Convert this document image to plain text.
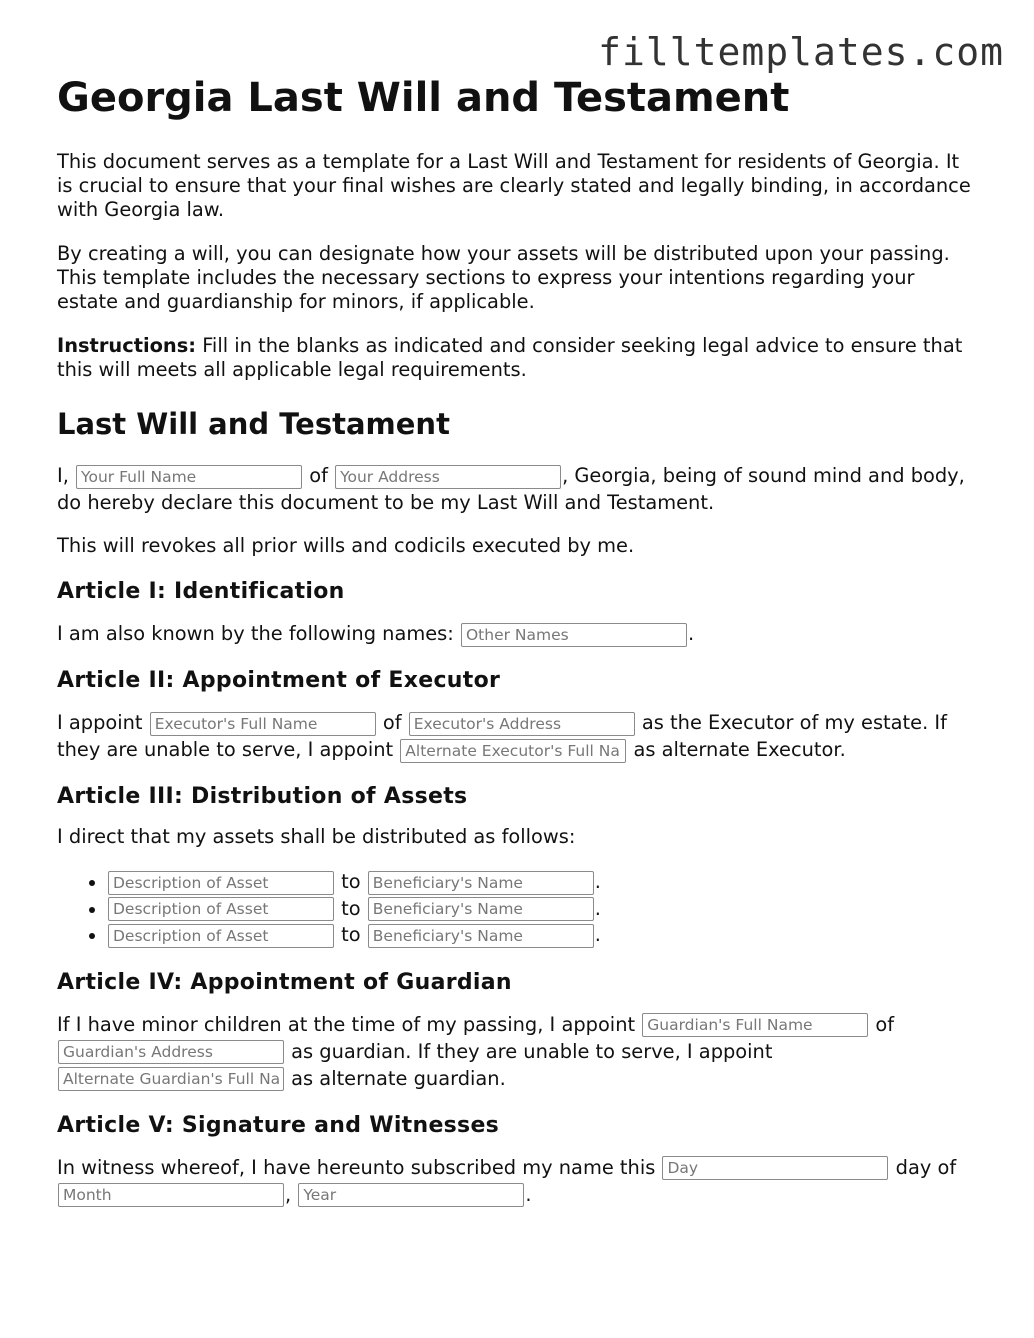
filltemplates.com
Georgia Last Will and Testament

This document serves as a template for a Last Will and Testament for residents of Georgia. It is crucial to ensure that your final wishes are clearly stated and legally binding, in accordance with Georgia law.

By creating a will, you can designate how your assets will be distributed upon your passing. This template includes the necessary sections to express your intentions regarding your estate and guardianship for minors, if applicable.

Instructions: Fill in the blanks as indicated and consider seeking legal advice to ensure that this will meets all applicable legal requirements.

Last Will and Testament

I, Your Full Name	of Your Address	, Georgia, being of sound mind and body, do hereby declare this document to be my Last Will and Testament.

This will revokes all prior wills and codicils executed by me.

Article I: Identification

I am also known by the following names: Other Names	.

Article II: Appointment of Executor

I appoint Executor's Full Name	of Executor's Address	as the Executor of my estate. If they are unable to serve, I appoint Alternate Executor's Full Name	as alternate Executor.

Article III: Distribution of Assets

I direct that my assets shall be distributed as follows:

Description of Asset • to Beneficiary's Name	.
Description of Asset • to Beneficiary's Name	.
Description of Asset • to Beneficiary's Name	.
Article IV: Appointment of Guardian

If I have minor children at the time of my passing, I appoint Guardian's Full Name	of Guardian's Address as guardian. If they are unable to serve, I appoint Alternate Guardian's Full Name as alternate guardian.

Article V: Signature and Witnesses

In witness whereof, I have hereunto subscribed my name this Day	day of Month, Year	.
